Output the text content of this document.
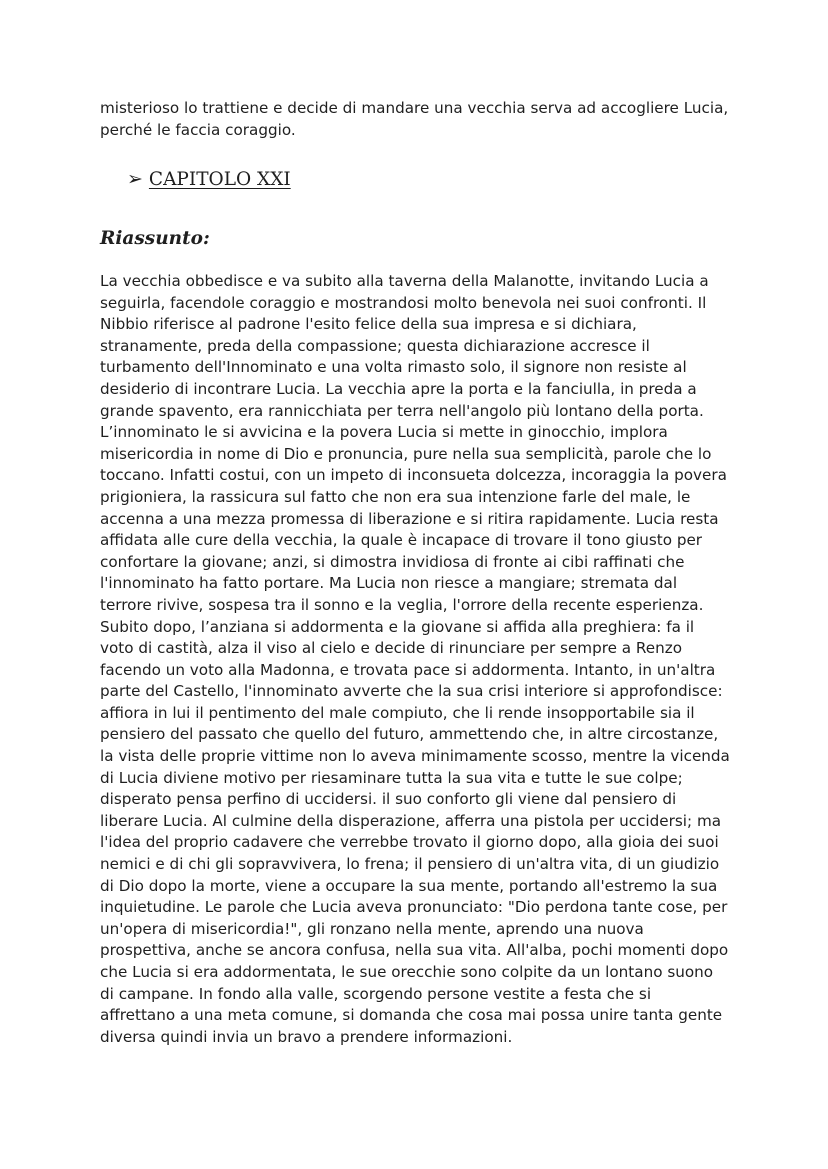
misterioso lo trattiene e decide di mandare una vecchia serva ad accogliere Lucia, perché le faccia coraggio.

➢ CAPITOLO XXI
Riassunto:

La vecchia obbedisce e va subito alla taverna della Malanotte, invitando Lucia a seguirla, facendole coraggio e mostrandosi molto benevola nei suoi confronti. Il Nibbio riferisce al padrone l'esito felice della sua impresa e si dichiara, stranamente, preda della compassione; questa dichiarazione accresce il turbamento dell'Innominato e una volta rimasto solo, il signore non resiste al desiderio di incontrare Lucia. La vecchia apre la porta e la fanciulla, in preda a grande spavento, era rannicchiata per terra nell'angolo più lontano della porta. L’innominato le si avvicina e la povera Lucia si mette in ginocchio, implora misericordia in nome di Dio e pronuncia, pure nella sua semplicità, parole che lo toccano. Infatti costui, con un impeto di inconsueta dolcezza, incoraggia la povera prigioniera, la rassicura sul fatto che non era sua intenzione farle del male, le accenna a una mezza promessa di liberazione e si ritira rapidamente. Lucia resta affidata alle cure della vecchia, la quale è incapace di trovare il tono giusto per confortare la giovane; anzi, si dimostra invidiosa di fronte ai cibi raffinati che l'innominato ha fatto portare. Ma Lucia non riesce a mangiare; stremata dal terrore rivive, sospesa tra il sonno e la veglia, l'orrore della recente esperienza. Subito dopo, l’anziana si addormenta e la giovane si affida alla preghiera: fa il voto di castità, alza il viso al cielo e decide di rinunciare per sempre a Renzo facendo un voto alla Madonna, e trovata pace si addormenta. Intanto, in un'altra parte del Castello, l'innominato avverte che la sua crisi interiore si approfondisce: affiora in lui il pentimento del male compiuto, che li rende insopportabile sia il pensiero del passato che quello del futuro, ammettendo che, in altre circostanze, la vista delle proprie vittime non lo aveva minimamente scosso, mentre la vicenda di Lucia diviene motivo per riesaminare tutta la sua vita e tutte le sue colpe; disperato pensa perfino di uccidersi. il suo conforto gli viene dal pensiero di liberare Lucia. Al culmine della disperazione, afferra una pistola per uccidersi; ma l'idea del proprio cadavere che verrebbe trovato il giorno dopo, alla gioia dei suoi nemici e di chi gli sopravvivera, lo frena; il pensiero di un'altra vita, di un giudizio di Dio dopo la morte, viene a occupare la sua mente, portando all'estremo la sua inquietudine. Le parole che Lucia aveva pronunciato: "Dio perdona tante cose, per un'opera di misericordia!", gli ronzano nella mente, aprendo una nuova prospettiva, anche se ancora confusa, nella sua vita. All'alba, pochi momenti dopo che Lucia si era addormentata, le sue orecchie sono colpite da un lontano suono di campane. In fondo alla valle, scorgendo persone vestite a festa che si affrettano a una meta comune, si domanda che cosa mai possa unire tanta gente diversa quindi invia un bravo a prendere informazioni.
